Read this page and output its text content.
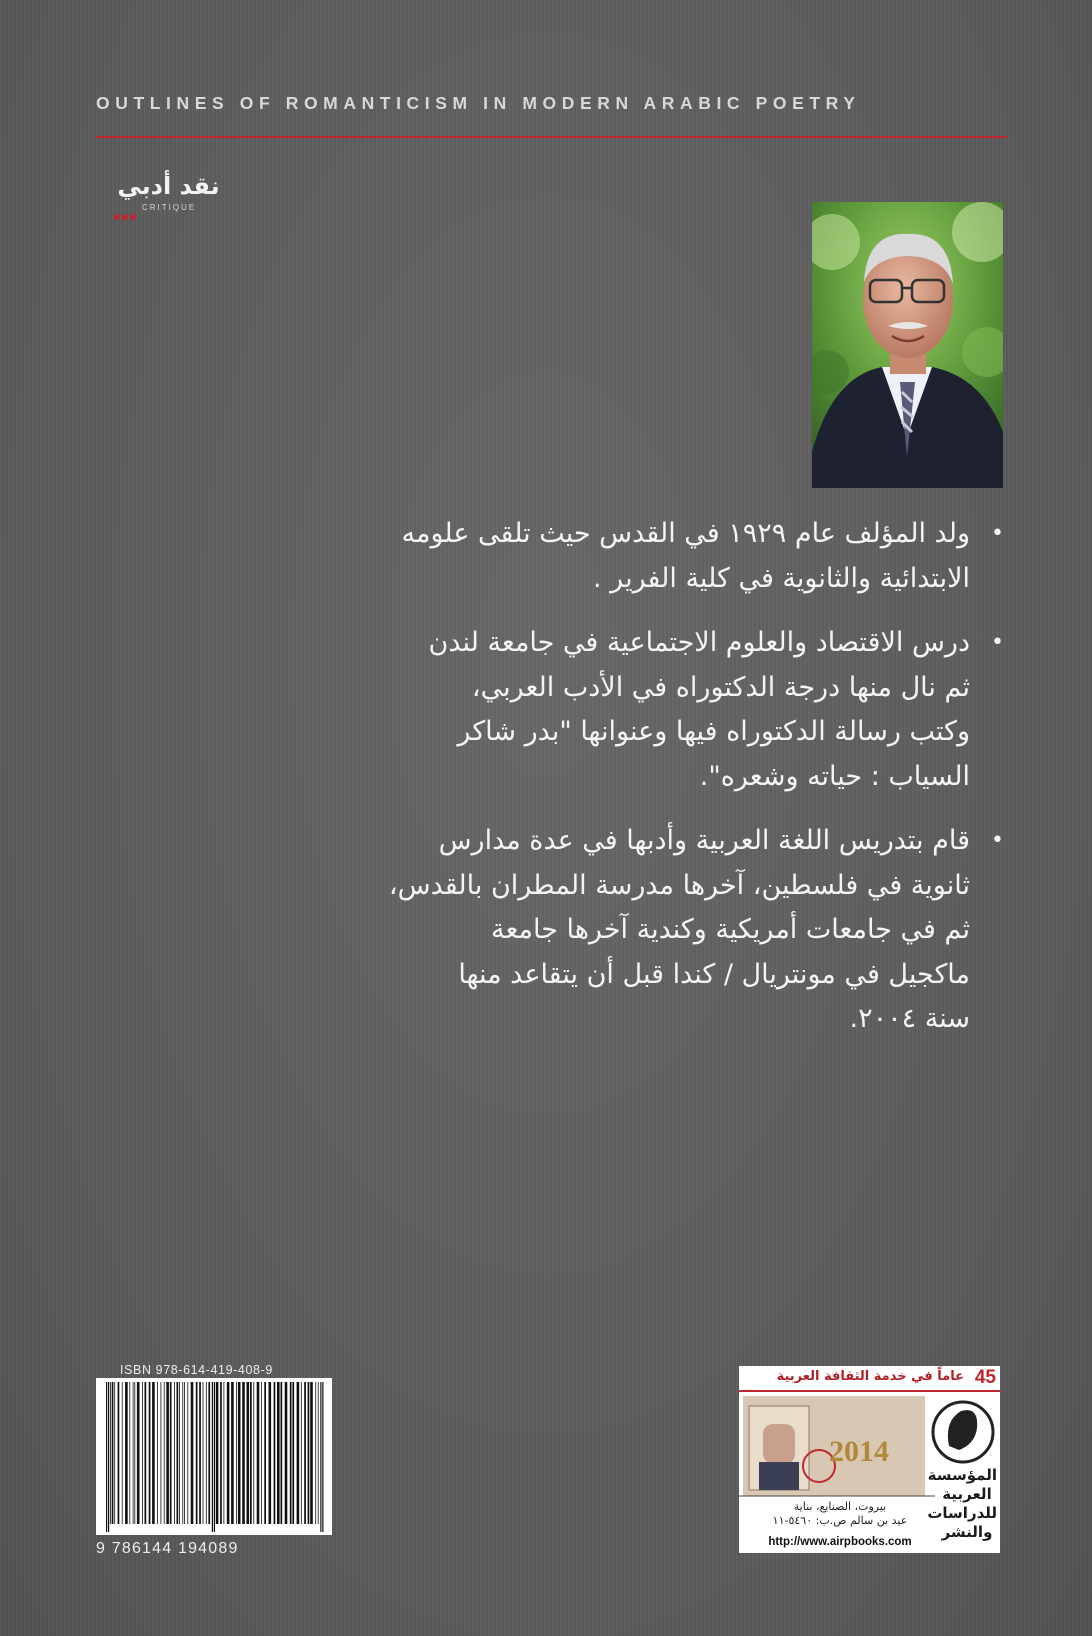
OUTLINES OF ROMANTICISM IN MODERN ARABIC POETRY
نقد أدبي
CRITIQUE
•
ولد المؤلف عام ١٩٢٩ في القدس حيث تلقى علومه
الابتدائية والثانوية في كلية الفرير .
•
درس الاقتصاد والعلوم الاجتماعية في جامعة لندن
ثم نال منها درجة الدكتوراه في الأدب العربي،
وكتب رسالة الدكتوراه فيها وعنوانها "بدر شاكر
السياب : حياته وشعره".
•
قام بتدريس اللغة العربية وأدبها في عدة مدارس
ثانوية في فلسطين، آخرها مدرسة المطران بالقدس،
ثم في جامعات أمريكية وكندية آخرها جامعة
ماكجيل في مونتريال / كندا قبل أن يتقاعد منها
سنة ٢٠٠٤.
ISBN 978-614-419-408-9
9 786144 194089
2014
45
عاماً في خدمة الثقافة العربية
المؤسسة
العربية
للدراسات
والنشر
بيروت، الصنايع، بناية
عيد بن سالم ص.ب: ٥٤٦٠-١١
http://www.airpbooks.com
